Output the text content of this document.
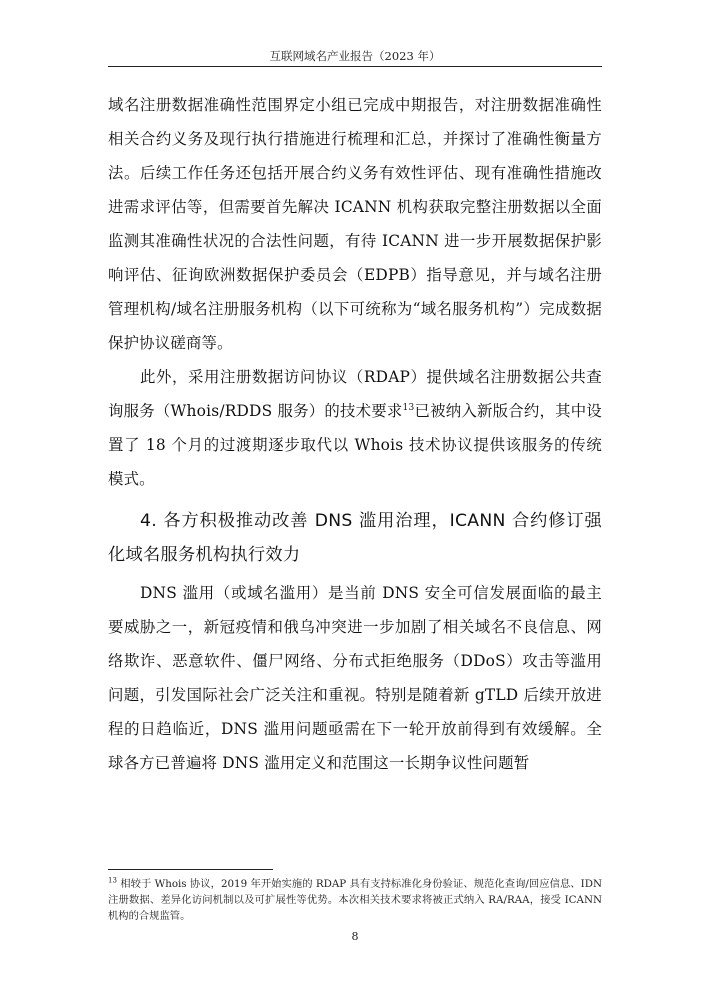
互联网域名产业报告（2023 年）

域名注册数据准确性范围界定小组已完成中期报告，对注册数据准确性相关合约义务及现行执行措施进行梳理和汇总，并探讨了准确性衡量方法。后续工作任务还包括开展合约义务有效性评估、现有准确性措施改进需求评估等，但需要首先解决 ICANN 机构获取完整注册数据以全面监测其准确性状况的合法性问题，有待 ICANN 进一步开展数据保护影响评估、征询欧洲数据保护委员会（EDPB）指导意见，并与域名注册管理机构/域名注册服务机构（以下可统称为“域名服务机构”）完成数据保护协议磋商等。

此外，采用注册数据访问协议（RDAP）提供域名注册数据公共查询服务（Whois/RDDS 服务）的技术要求$^{13}$已被纳入新版合约，其中设置了 18 个月的过渡期逐步取代以 Whois 技术协议提供该服务的传统模式。

4. 各方积极推动改善 DNS 滥用治理，ICANN 合约修订强化域名服务机构执行效力

DNS 滥用（或域名滥用）是当前 DNS 安全可信发展面临的最主要威胁之一，新冠疫情和俄乌冲突进一步加剧了相关域名不良信息、网络欺诈、恶意软件、僵尸网络、分布式拒绝服务（DDoS）攻击等滥用问题，引发国际社会广泛关注和重视。特别是随着新 gTLD 后续开放进程的日趋临近，DNS 滥用问题亟需在下一轮开放前得到有效缓解。全球各方已普遍将 DNS 滥用定义和范围这一长期争议性问题暂

$^{13}$ 相较于 Whois 协议，2019 年开始实施的 RDAP 具有支持标准化身份验证、规范化查询/回应信息、IDN 注册数据、差异化访问机制以及可扩展性等优势。本次相关技术要求将被正式纳入 RA/RAA，接受 ICANN 机构的合规监管。
8
